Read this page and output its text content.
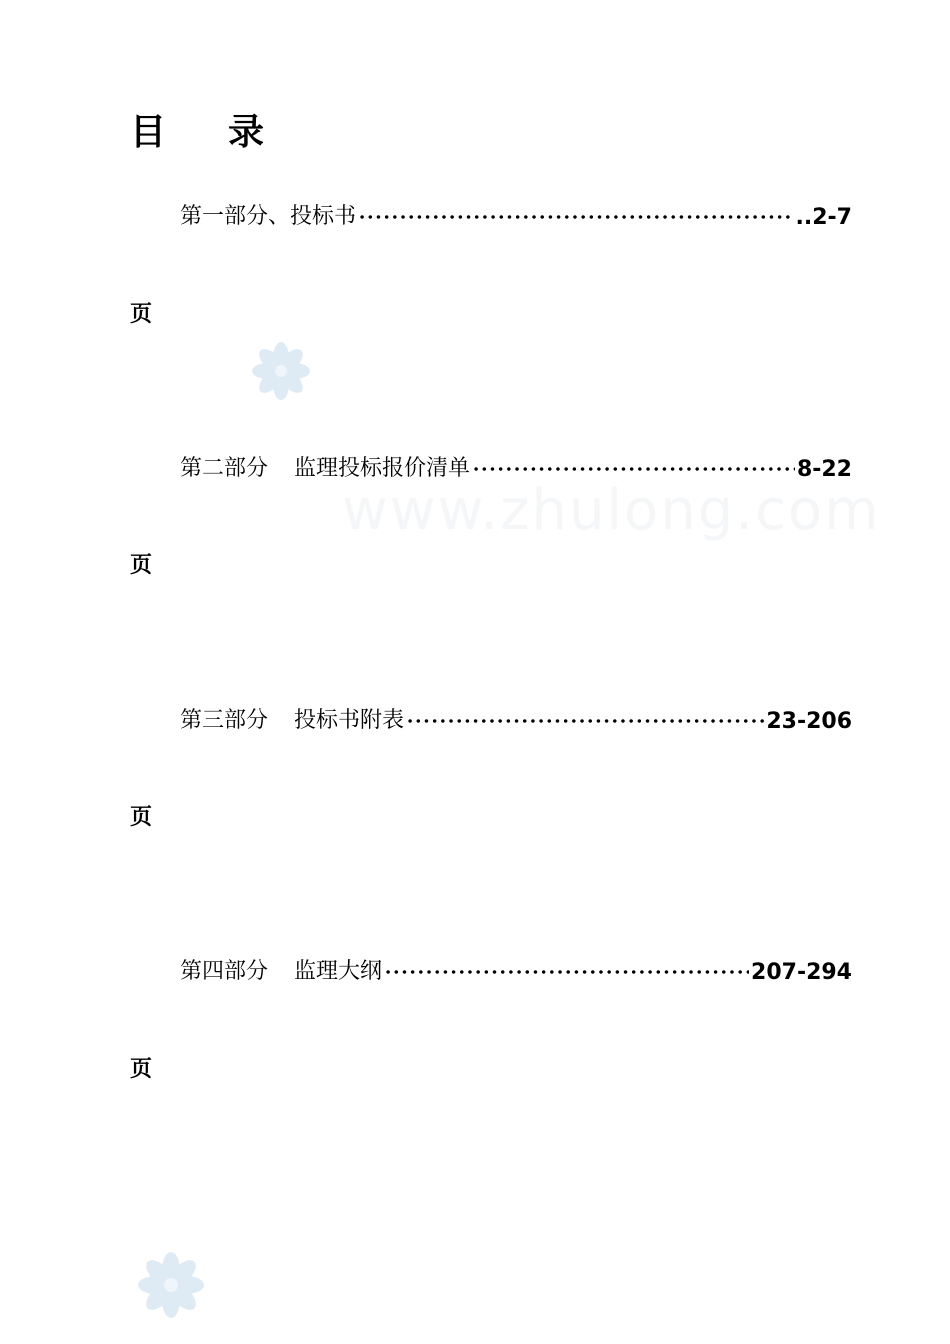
www.zhulong.com
目 录
第一部分、投标书	..2-7
页
第二部分 监理投标报价清单	8-22
页
第三部分 投标书附表	23-206
页
第四部分 监理大纲	207-294
页
